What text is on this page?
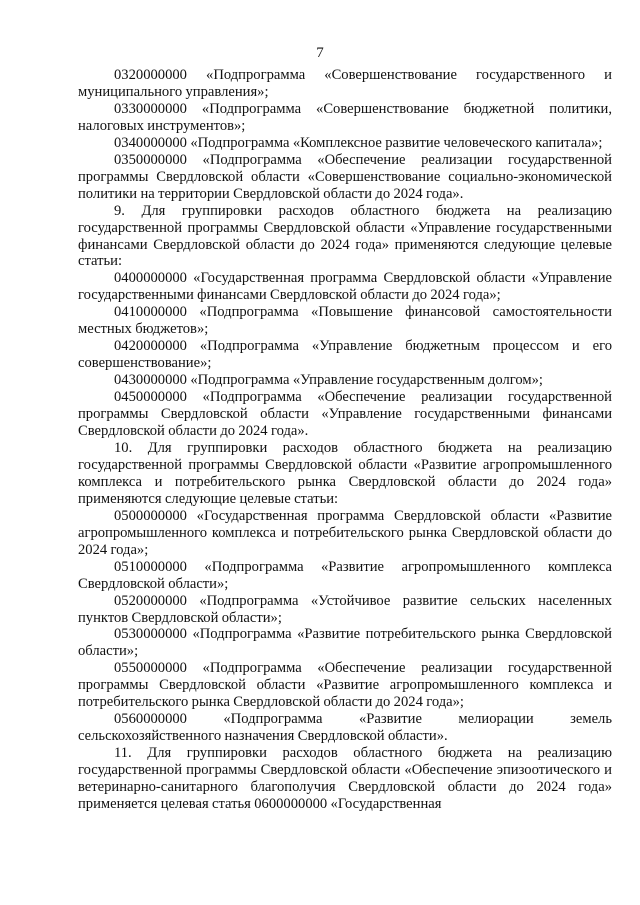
7

0320000000 «Подпрограмма «Совершенствование государственного и муниципального управления»;

0330000000 «Подпрограмма «Совершенствование бюджетной политики, налоговых инструментов»;

0340000000 «Подпрограмма «Комплексное развитие человеческого капитала»;

0350000000 «Подпрограмма «Обеспечение реализации государственной программы Свердловской области «Совершенствование социально-экономической политики на территории Свердловской области до 2024 года».

9. Для группировки расходов областного бюджета на реализацию государственной программы Свердловской области «Управление государственными финансами Свердловской области до 2024 года» применяются следующие целевые статьи:

0400000000 «Государственная программа Свердловской области «Управление государственными финансами Свердловской области до 2024 года»;

0410000000 «Подпрограмма «Повышение финансовой самостоятельности местных бюджетов»;

0420000000 «Подпрограмма «Управление бюджетным процессом и его совершенствование»;

0430000000 «Подпрограмма «Управление государственным долгом»;

0450000000 «Подпрограмма «Обеспечение реализации государственной программы Свердловской области «Управление государственными финансами Свердловской области до 2024 года».

10. Для группировки расходов областного бюджета на реализацию государственной программы Свердловской области «Развитие агропромышленного комплекса и потребительского рынка Свердловской области до 2024 года» применяются следующие целевые статьи:

0500000000 «Государственная программа Свердловской области «Развитие агропромышленного комплекса и потребительского рынка Свердловской области до 2024 года»;

0510000000 «Подпрограмма «Развитие агропромышленного комплекса Свердловской области»;

0520000000 «Подпрограмма «Устойчивое развитие сельских населенных пунктов Свердловской области»;

0530000000 «Подпрограмма «Развитие потребительского рынка Свердловской области»;

0550000000 «Подпрограмма «Обеспечение реализации государственной программы Свердловской области «Развитие агропромышленного комплекса и потребительского рынка Свердловской области до 2024 года»;

0560000000 «Подпрограмма «Развитие мелиорации земель сельскохозяйственного назначения Свердловской области».

11. Для группировки расходов областного бюджета на реализацию государственной программы Свердловской области «Обеспечение эпизоотического и ветеринарно-санитарного благополучия Свердловской области до 2024 года» применяется целевая статья 0600000000 «Государственная
